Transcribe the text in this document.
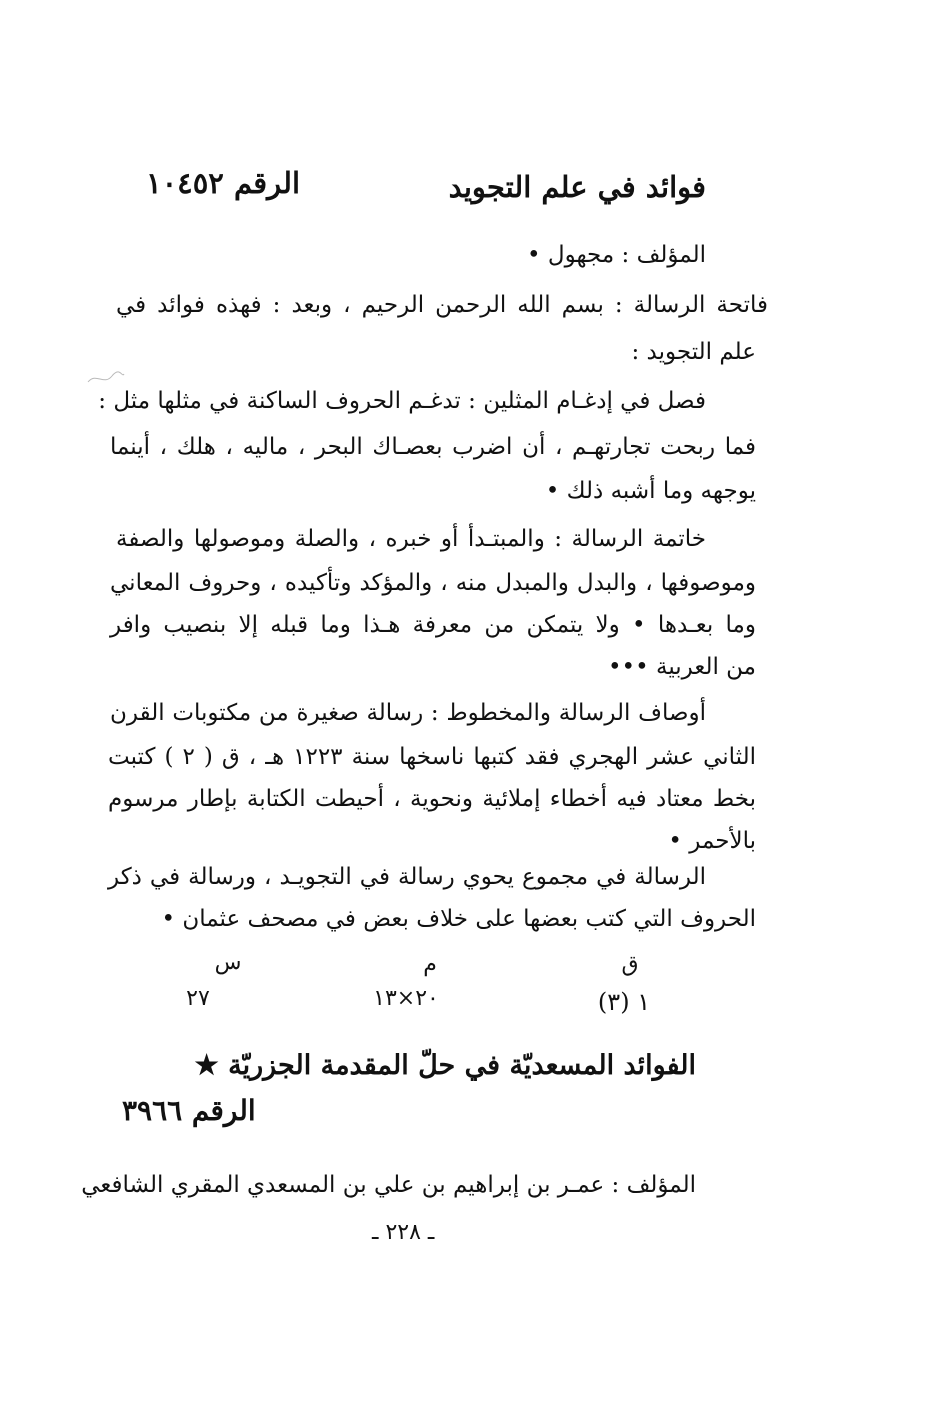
فوائد في علم التجويد
الرقم ١٠٤٥٢
المؤلف : مجهول •
فاتحة الرسالة : بسم الله الرحمن الرحيم ، وبعد : فهذه فوائد في
علم التجويد :
فصل في إدغـام المثلين : تدغـم الحروف الساكنة في مثلها مثل :
فما ربحت تجارتهـم ، أن اضرب بعصـاك البحر ، ماليه ، هلك ، أينما
يوجهه وما أشبه ذلك •
خاتمة الرسالة : والمبتـدأ أو خبره ، والصلة وموصولها والصفة
وموصوفها ، والبدل والمبدل منه ، والمؤكد وتأكيده ، وحروف المعاني
وما بعـدها • ولا يتمكن من معرفة هـذا وما قبله إلا بنصيب وافر
من العربية •••
أوصاف الرسالة والمخطوط : رسالة صغيرة من مكتوبات القرن
الثاني عشر الهجري فقد كتبها ناسخها سنة ١٢٢٣ هـ ، ق ( ٢ ) كتبت
بخط معتاد فيه أخطاء إملائية ونحوية ، أحيطت الكتابة بإطار مرسوم
بالأحمر •
الرسالة في مجموع يحوي رسالة في التجويـد ، ورسالة في ذكر
الحروف التي كتب بعضها على خلاف بعض في مصحف عثمان •
ق
م
س
١ (٣)
٢٠×١٣
٢٧
الفوائد المسعديّة في حلّ المقدمة الجزريّة ★
الرقم ٣٩٦٦
المؤلف : عمـر بن إبراهيم بن علي بن المسعدي المقري الشافعي
ـ ٢٢٨ ـ
